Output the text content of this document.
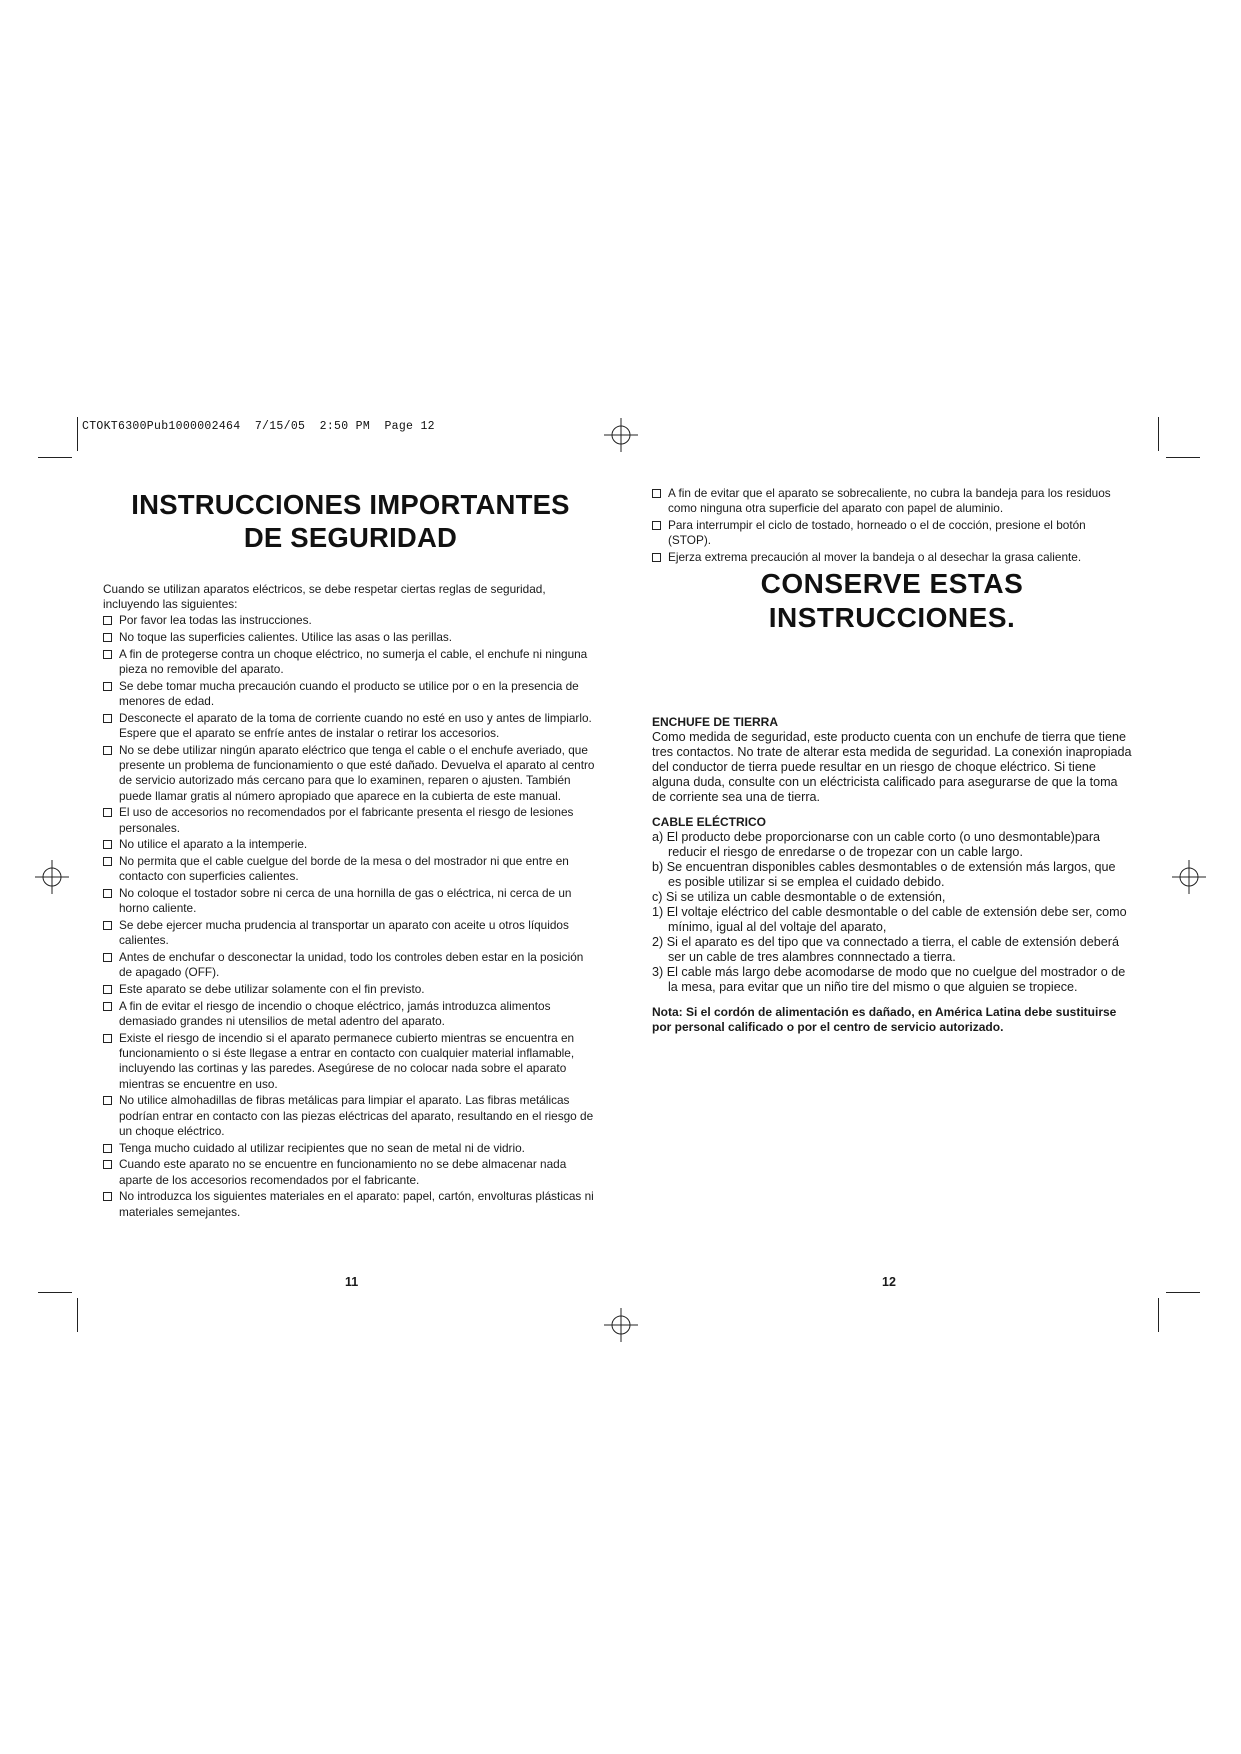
CTOKT6300Pub1000002464  7/15/05  2:50 PM  Page 12
INSTRUCCIONES IMPORTANTES
DE SEGURIDAD

Cuando se utilizan aparatos eléctricos, se debe respetar ciertas reglas de seguridad, incluyendo las siguientes:

Por favor lea todas las instrucciones.
No toque las superficies calientes. Utilice las asas o las perillas.
A fin de protegerse contra un choque eléctrico, no sumerja el cable, el enchufe ni ninguna pieza no removible del aparato.
Se debe tomar mucha precaución cuando el producto se utilice por o en la presencia de menores de edad.
Desconecte el aparato de la toma de corriente cuando no esté en uso y antes de limpiarlo. Espere que el aparato se enfríe antes de instalar o retirar los accesorios.
No se debe utilizar ningún aparato eléctrico que tenga el cable o el enchufe averiado, que presente un problema de funcionamiento o que esté dañado. Devuelva el aparato al centro de servicio autorizado más cercano para que lo examinen, reparen o ajusten. También puede llamar gratis al número apropiado que aparece en la cubierta de este manual.
El uso de accesorios no recomendados por el fabricante presenta el riesgo de lesiones personales.
No utilice el aparato a la intemperie.
No permita que el cable cuelgue del borde de la mesa o del mostrador ni que entre en contacto con superficies calientes.
No coloque el tostador sobre ni cerca de una hornilla de gas o eléctrica, ni cerca de un horno caliente.
Se debe ejercer mucha prudencia al transportar un aparato con aceite u otros líquidos calientes.
Antes de enchufar o desconectar la unidad, todo los controles deben estar en la posición de apagado (OFF).
Este aparato se debe utilizar solamente con el fin previsto.
A fin de evitar el riesgo de incendio o choque eléctrico, jamás introduzca alimentos demasiado grandes ni utensilios de metal adentro del aparato.
Existe el riesgo de incendio si el aparato permanece cubierto mientras se encuentra en funcionamiento o si éste llegase a entrar en contacto con cualquier material inflamable, incluyendo las cortinas y las paredes. Asegúrese de no colocar nada sobre el aparato mientras se encuentre en uso.
No utilice almohadillas de fibras metálicas para limpiar el aparato. Las fibras metálicas podrían entrar en contacto con las piezas eléctricas del aparato, resultando en el riesgo de un choque eléctrico.
Tenga mucho cuidado al utilizar recipientes que no sean de metal ni de vidrio.
Cuando este aparato no se encuentre en funcionamiento no se debe almacenar nada aparte de los accesorios recomendados por el fabricante.
No introduzca los siguientes materiales en el aparato: papel, cartón, envolturas plásticas ni materiales semejantes.
A fin de evitar que el aparato se sobrecaliente, no cubra la bandeja para los residuos como ninguna otra superficie del aparato con papel de aluminio.
Para interrumpir el ciclo de tostado, horneado o el de cocción, presione el botón (STOP).
Ejerza extrema precaución al mover la bandeja o al desechar la grasa caliente.
CONSERVE ESTAS
INSTRUCCIONES.

ENCHUFE DE TIERRA

Como medida de seguridad, este producto cuenta con un enchufe de tierra que tiene tres contactos. No trate de alterar esta medida de seguridad. La conexión inapropiada del conductor de tierra puede resultar en un riesgo de choque eléctrico. Si tiene alguna duda, consulte con un eléctricista calificado para asegurarse de que la toma de corriente sea una de tierra.

CABLE ELÉCTRICO

a) El producto debe proporcionarse con un cable corto (o uno desmontable)para reducir el riesgo de enredarse o de tropezar con un cable largo.
b) Se encuentran disponibles cables desmontables o de extensión más largos, que es posible utilizar si se emplea el cuidado debido.
c) Si se utiliza un cable desmontable o de extensión,
1) El voltaje eléctrico del cable desmontable o del cable de extensión debe ser, como mínimo, igual al del voltaje del aparato,
2) Si el aparato es del tipo que va connectado a tierra, el cable de extensión deberá ser un cable de tres alambres connnectado a tierra.
3) El cable más largo debe acomodarse de modo que no cuelgue del mostrador o de la mesa, para evitar que un niño tire del mismo o que alguien se tropiece.

Nota: Si el cordón de alimentación es dañado, en América Latina debe sustituirse por personal calificado o por el centro de servicio autorizado.

11	12
